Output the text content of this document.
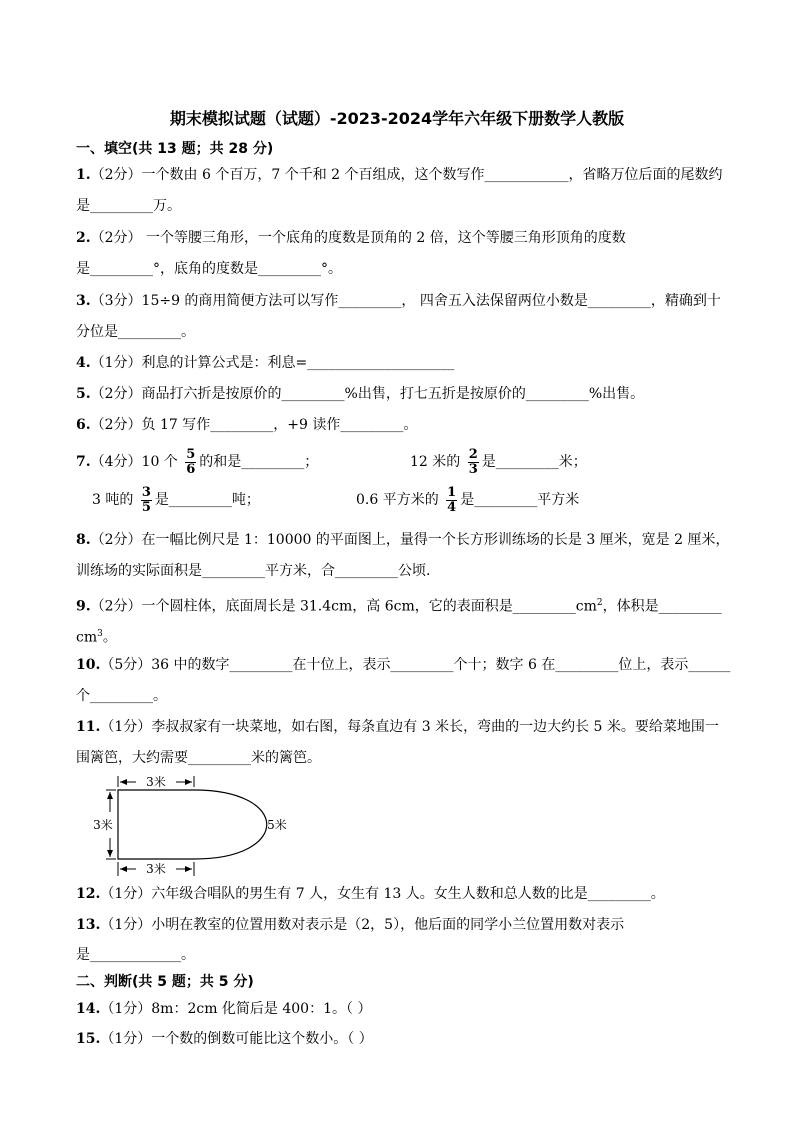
期末模拟试题（试题）-2023-2024学年六年级下册数学人教版
一、填空(共 13 题；共 28 分)
1.（2分）一个数由 6 个百万，7 个千和 2 个百组成，这个数写作____________，省略万位后面的尾数约
是_________万。
2.（2分） 一个等腰三角形，一个底角的度数是顶角的 2 倍，这个等腰三角形顶角的度数
是_________°，底角的度数是_________°。
3.（3分）15÷9 的商用简便方法可以写作_________， 四舍五入法保留两位小数是_________，精确到十
分位是_________。
4.（1分）利息的计算公式是：利息=_____________________
5.（2分）商品打六折是按原价的_________%出售，打七五折是按原价的_________%出售。
6.（2分）负 17 写作_________，+9 读作_________。
7.（4分）10 个 $\frac{5}{6}$ 的和是_________；	12 米的 $\frac{2}{3}$ 是_________米；
3 吨的 $\frac{3}{5}$ 是_________吨；	0.6 平方米的 $\frac{1}{4}$ 是_________平方米
8.（2分）在一幅比例尺是 1：10000 的平面图上，量得一个长方形训练场的长是 3 厘米，宽是 2 厘米，
训练场的实际面积是_________平方米，合_________公顷.
9.（2分）一个圆柱体，底面周长是 31.4cm，高 6cm，它的表面积是$\_\_\_\_\_\_\_\_\_cm^2$，体积是_________
$cm^3$。
10.（5分）36 中的数字_________在十位上，表示_________个十；数字 6 在_________位上，表示______
个_________。
11.（1分）李叔叔家有一块菜地，如右图，每条直边有 3 米长，弯曲的一边大约长 5 米。要给菜地围一
围篱笆，大约需要_________米的篱笆。
3米
3米
3米
5米
12.（1分）六年级合唱队的男生有 7 人，女生有 13 人。女生人数和总人数的比是_________。
13.（1分）小明在教室的位置用数对表示是（2，5），他后面的同学小兰位置用数对表示
是_____________。
二、判断(共 5 题；共 5 分)
14.（1分）8m：2cm 化简后是 400：1。（ ）
15.（1分）一个数的倒数可能比这个数小。（ ）
